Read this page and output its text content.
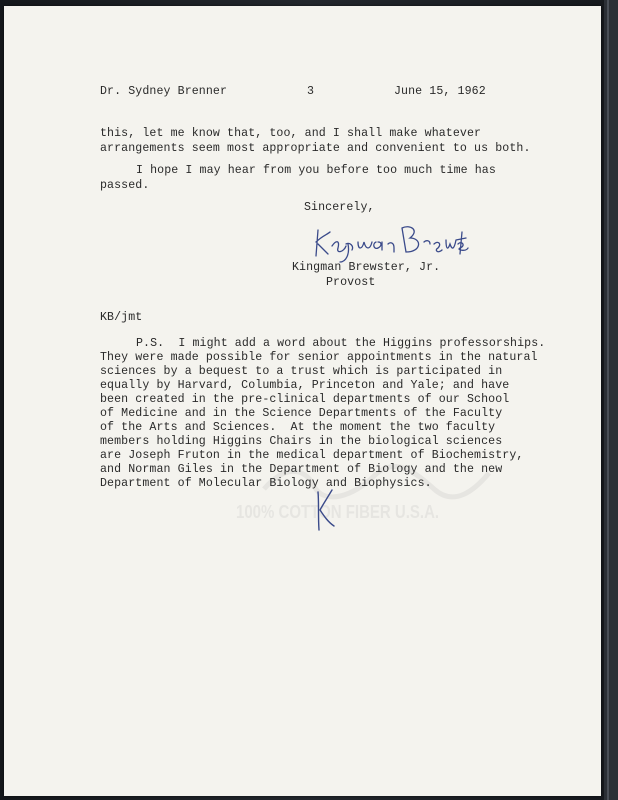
100% COTTON FIBER U.S.A.
Dr. Sydney Brenner	3	June 15, 1962
this, let me know that, too, and I shall make whatever
arrangements seem most appropriate and convenient to us both.
I hope I may hear from you before too much time has
passed.
Sincerely,
Kingman Brewster, Jr.
Provost
KB/jmt
P.S.  I might add a word about the Higgins professorships.
They were made possible for senior appointments in the natural
sciences by a bequest to a trust which is participated in
equally by Harvard, Columbia, Princeton and Yale; and have
been created in the pre-clinical departments of our School
of Medicine and in the Science Departments of the Faculty
of the Arts and Sciences.  At the moment the two faculty
members holding Higgins Chairs in the biological sciences
are Joseph Fruton in the medical department of Biochemistry,
and Norman Giles in the Department of Biology and the new
Department of Molecular Biology and Biophysics.
